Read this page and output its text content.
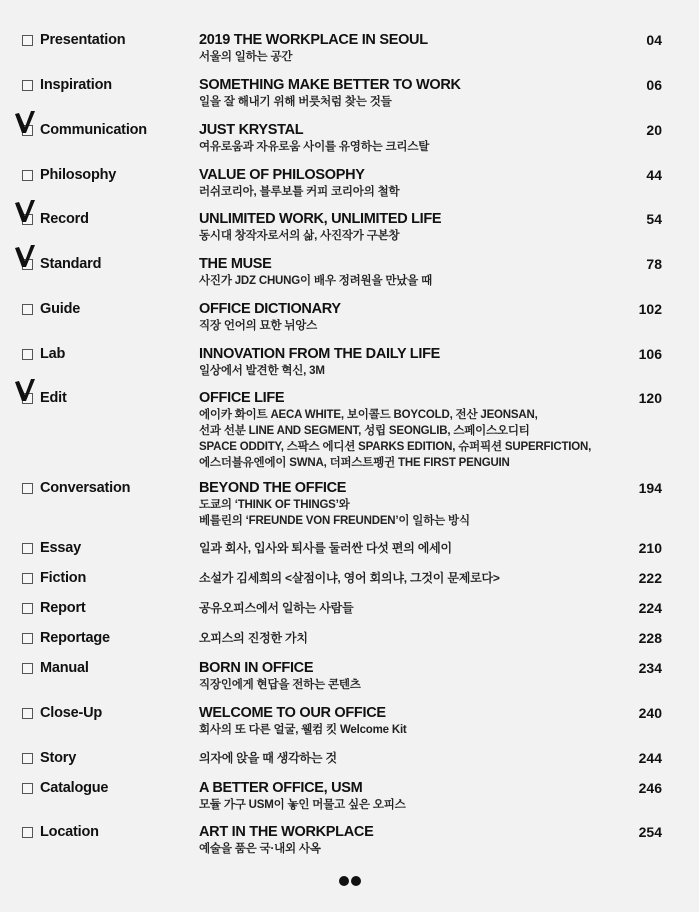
Presentation	2019 THE WORKPLACE IN SEOUL
서울의 일하는 공간
04
Inspiration	SOMETHING MAKE BETTER TO WORK
일을 잘 해내기 위해 버릇처럼 찾는 것들
06
Communication	JUST KRYSTAL
여유로움과 자유로움 사이를 유영하는 크리스탈
20
Philosophy	VALUE OF PHILOSOPHY
러쉬코리아, 블루보틀 커피 코리아의 철학
44
Record	UNLIMITED WORK, UNLIMITED LIFE
동시대 창작자로서의 삶, 사진작가 구본창
54
Standard	THE MUSE
사진가 JDZ CHUNG이 배우 정려원을 만났을 때
78
Guide	OFFICE DICTIONARY
직장 언어의 묘한 뉘앙스
102
Lab	INNOVATION FROM THE DAILY LIFE
일상에서 발견한 혁신, 3M
106
Edit	OFFICE LIFE
에이카 화이트 AECA WHITE, 보이콜드 BOYCOLD, 전산 JEONSAN,
선과 선분 LINE AND SEGMENT, 성립 SEONGLIB, 스페이스오디티
SPACE ODDITY, 스팍스 에디션 SPARKS EDITION, 슈퍼픽션 SUPERFICTION,
에스더블유엔에이 SWNA, 더퍼스트펭귄 THE FIRST PENGUIN
120
Conversation	BEYOND THE OFFICE
도쿄의 ‘THINK OF THINGS’와
베를린의 ‘FREUNDE VON FREUNDEN’이 일하는 방식
194
Essay	일과 회사, 입사와 퇴사를 둘러싼 다섯 편의 에세이	210
Fiction	소설가 김세희의 <살점이냐, 영어 회의냐, 그것이 문제로다>	222
Report	공유오피스에서 일하는 사람들	224
Reportage	오피스의 진정한 가치	228
Manual	BORN IN OFFICE
직장인에게 현답을 전하는 콘텐츠
234
Close-Up	WELCOME TO OUR OFFICE
회사의 또 다른 얼굴, 웰컴 킷 Welcome Kit
240
Story	의자에 앉을 때 생각하는 것	244
Catalogue	A BETTER OFFICE, USM
모듈 가구 USM이 놓인 머물고 싶은 오피스
246
Location	ART IN THE WORKPLACE
예술을 품은 국·내외 사옥
254
